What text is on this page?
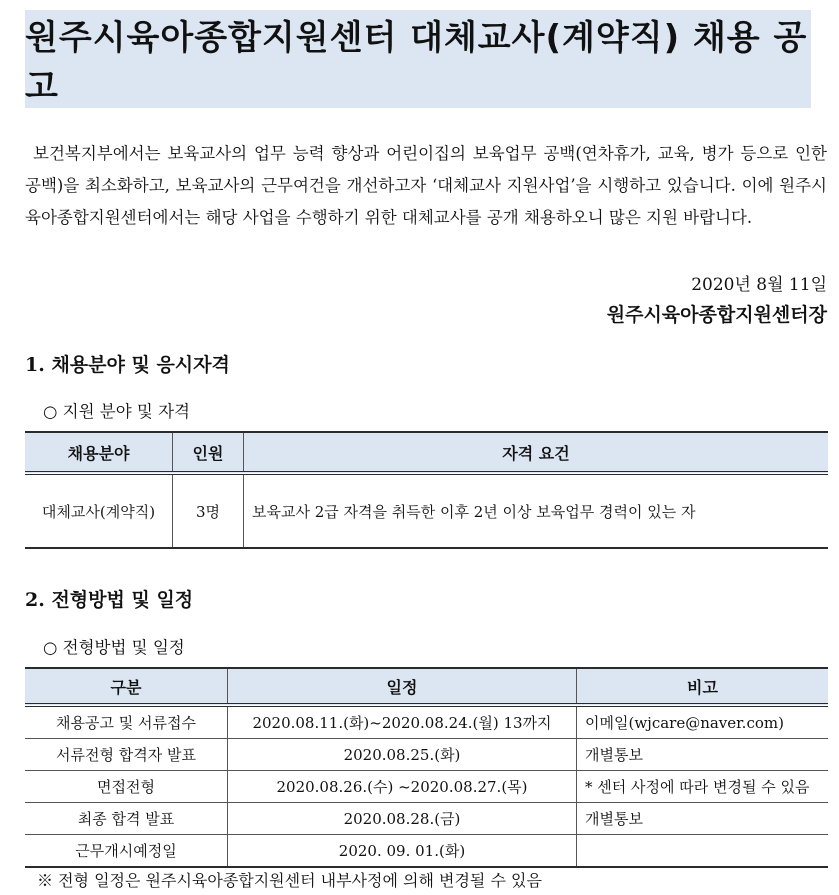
원주시육아종합지원센터 대체교사(계약직) 채용 공고

보건복지부에서는 보육교사의 업무 능력 향상과 어린이집의 보육업무 공백(연차휴가, 교육, 병가 등으로 인한 공백)을 최소화하고, 보육교사의 근무여건을 개선하고자 ‘대체교사 지원사업’을 시행하고 있습니다. 이에 원주시육아종합지원센터에서는 해당 사업을 수행하기 위한 대체교사를 공개 채용하오니 많은 지원 바랍니다.

2020년 8월 11일
원주시육아종합지원센터장
1. 채용분야 및 응시자격
○ 지원 분야 및 자격
채용분야	인원	자격 요건
대체교사(계약직)	3명	보육교사 2급 자격을 취득한 이후 2년 이상 보육업무 경력이 있는 자
2. 전형방법 및 일정
○ 전형방법 및 일정
구분	일정	비고
채용공고 및 서류접수	2020.08.11.(화)~2020.08.24.(월) 13까지	이메일(wjcare@naver.com)
서류전형 합격자 발표	2020.08.25.(화)	개별통보
면접전형	2020.08.26.(수) ~2020.08.27.(목)	* 센터 사정에 따라 변경될 수 있음
최종 합격 발표	2020.08.28.(금)	개별통보
근무개시예정일	2020. 09. 01.(화)	
※ 전형 일정은 원주시육아종합지원센터 내부사정에 의해 변경될 수 있음
